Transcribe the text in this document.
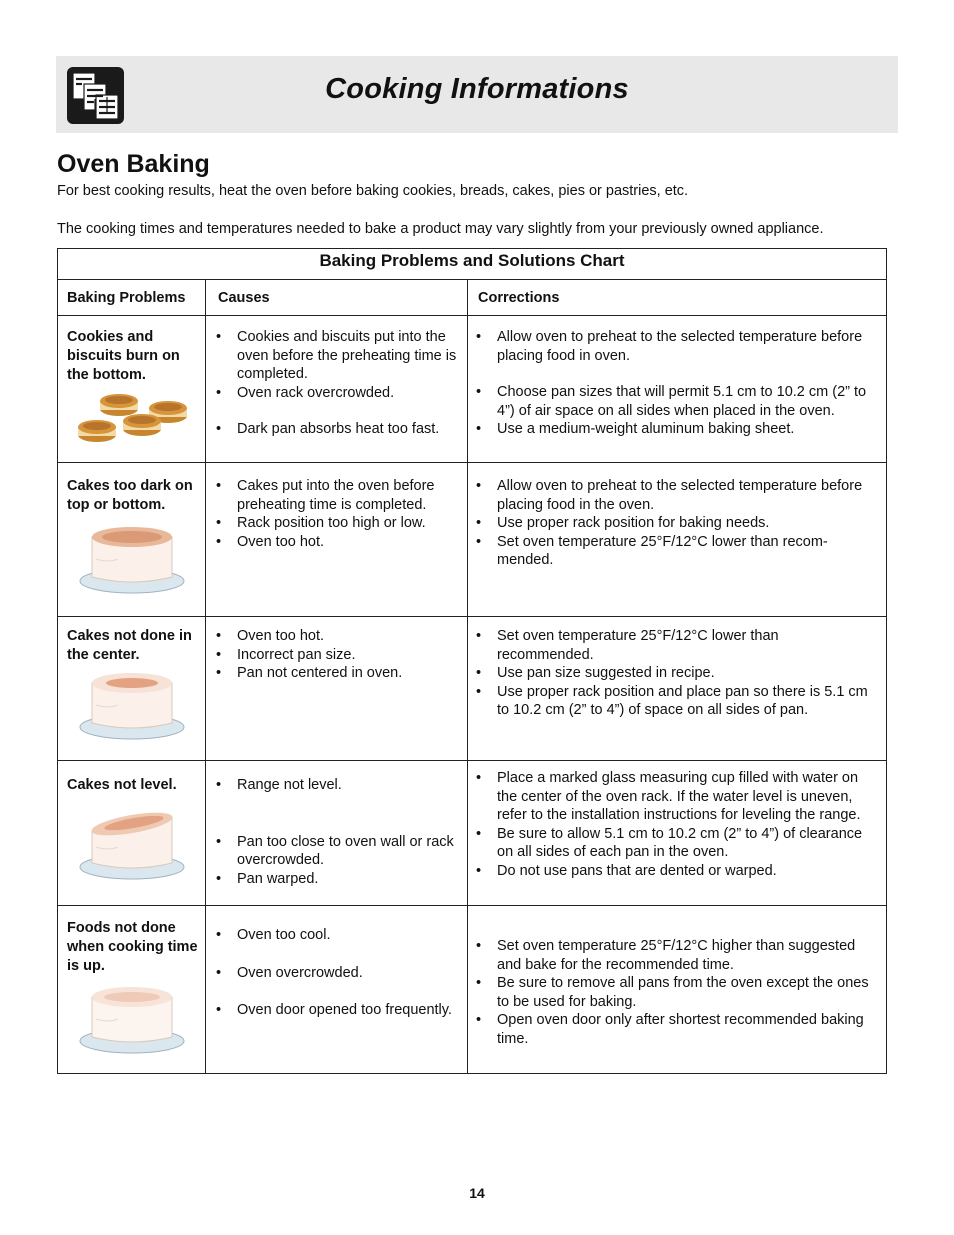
Cooking Informations
Oven Baking
For best cooking results, heat the oven before baking cookies, breads, cakes, pies or pastries, etc.
The cooking times and temperatures needed to bake a product may vary slightly from your previously owned appliance.
Baking Problems and Solutions Chart
Baking Problems Causes	Corrections
Cookies and biscuits burn on the bottom.
• Cookies and biscuits put into the oven before the preheating time is completed.
• Oven rack overcrowded.
• Dark pan absorbs heat too fast.
• Allow oven to preheat to the selected temperature before placing food in oven.
• Choose pan sizes that will permit 5.1 cm to 10.2 cm (2” to 4”) of air space on all sides when placed in the oven.
• Use a medium-weight aluminum baking sheet.
Cakes too dark on top or bottom.
• Cakes put into the oven before preheating time is completed.
• Rack position too high or low.
• Oven too hot.
• Allow oven to preheat to the selected temperature before placing food in the oven.
• Use proper rack position for baking needs.
• Set oven temperature 25°F/12°C lower than recom-mended.
Cakes not done in the center.
• Oven too hot.
• Incorrect pan size.
• Pan not centered in oven.
• Set oven temperature 25°F/12°C lower than recommended.
• Use pan size suggested in recipe.
• Use proper rack position and place pan so there is 5.1 cm to 10.2 cm (2” to 4”) of space on all sides of pan.
Cakes not level.
•	Range not level.
• Pan too close to oven wall or rack overcrowded.
• Pan warped.
• Place a marked glass measuring cup filled with water on the center of the oven rack. If the water level is uneven, refer to the installation instructions for leveling the range.
• Be sure to allow 5.1 cm to 10.2 cm (2” to 4”) of clearance on all sides of each pan in the oven.
• Do not use pans that are dented or warped.
Foods not done when cooking time is up.
• Oven too cool.
• Oven overcrowded.
• Oven door opened too frequently.
• Set oven temperature 25°F/12°C higher than suggested and bake for the recommended time.
• Be sure to remove all pans from the oven except the ones to be used for baking.
• Open oven door only after shortest recommended baking time.
14
